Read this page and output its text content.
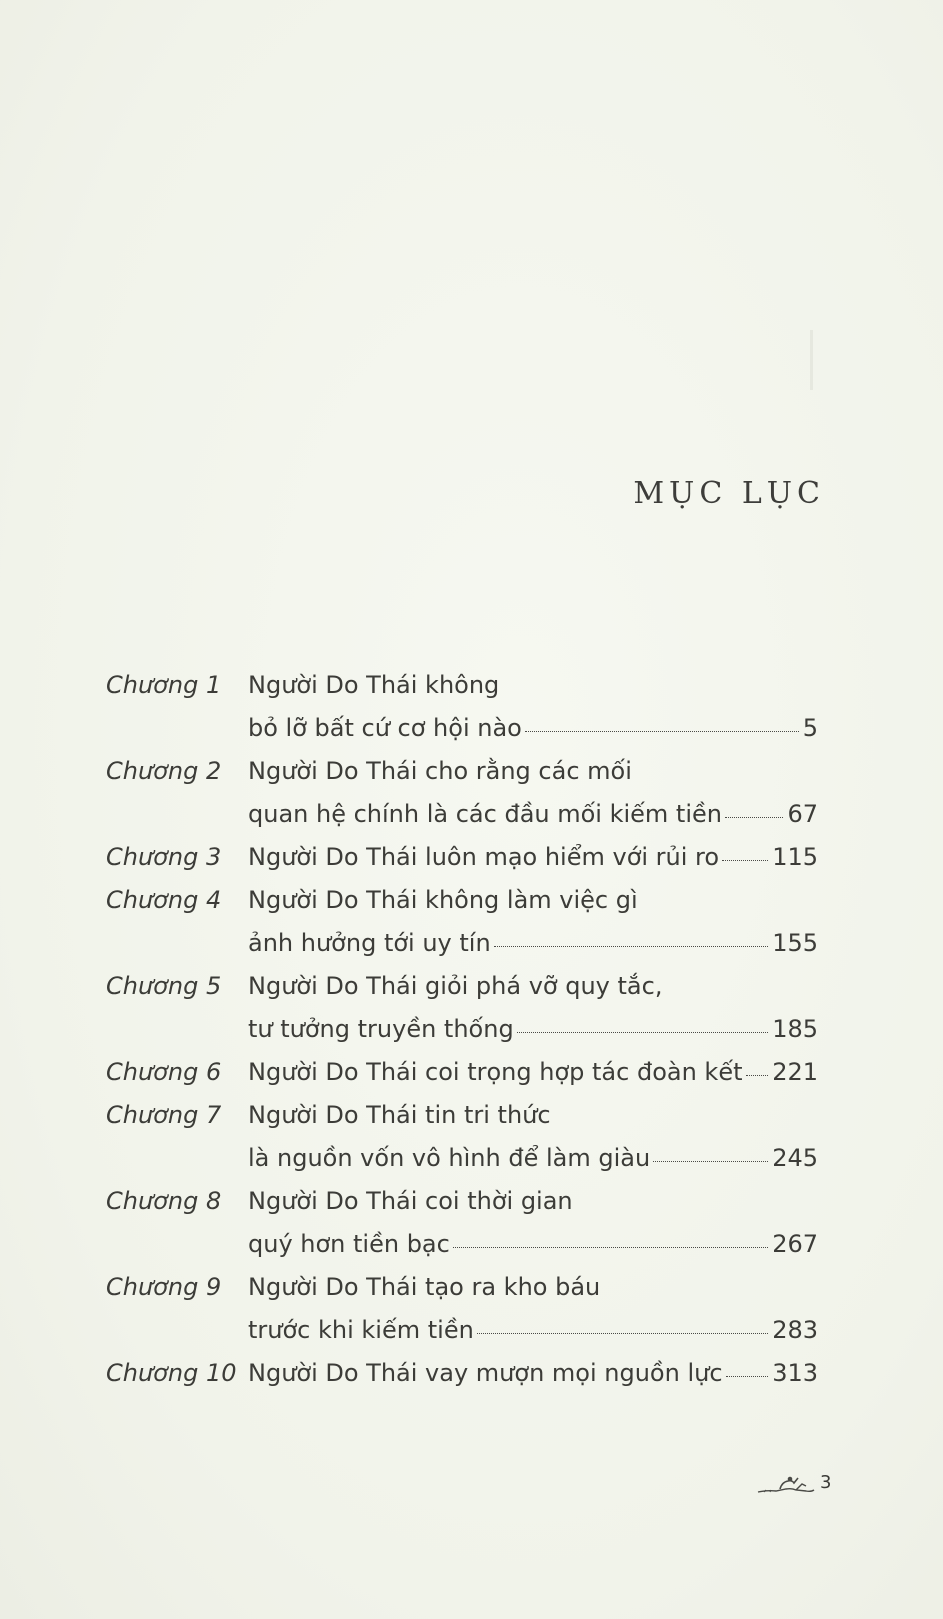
MỤC LỤC
Chương 1	Người Do Thái không
bỏ lỡ bất cứ cơ hội nào	5
Chương 2	Người Do Thái cho rằng các mối
quan hệ chính là các đầu mối kiếm tiền	67
Chương 3	Người Do Thái luôn mạo hiểm với rủi ro 115
Chương 4	Người Do Thái không làm việc gì
ảnh hưởng tới uy tín	155
Chương 5	Người Do Thái giỏi phá vỡ quy tắc,
tư tưởng truyền thống	185
Chương 6	Người Do Thái coi trọng hợp tác đoàn kết 221
Chương 7	Người Do Thái tin tri thức
là nguồn vốn vô hình để làm giàu	245
Chương 8	Người Do Thái coi thời gian
quý hơn tiền bạc	267
Chương 9	Người Do Thái tạo ra kho báu
trước khi kiếm tiền	283
Chương 10 Người Do Thái vay mượn mọi nguồn lực 313
3
